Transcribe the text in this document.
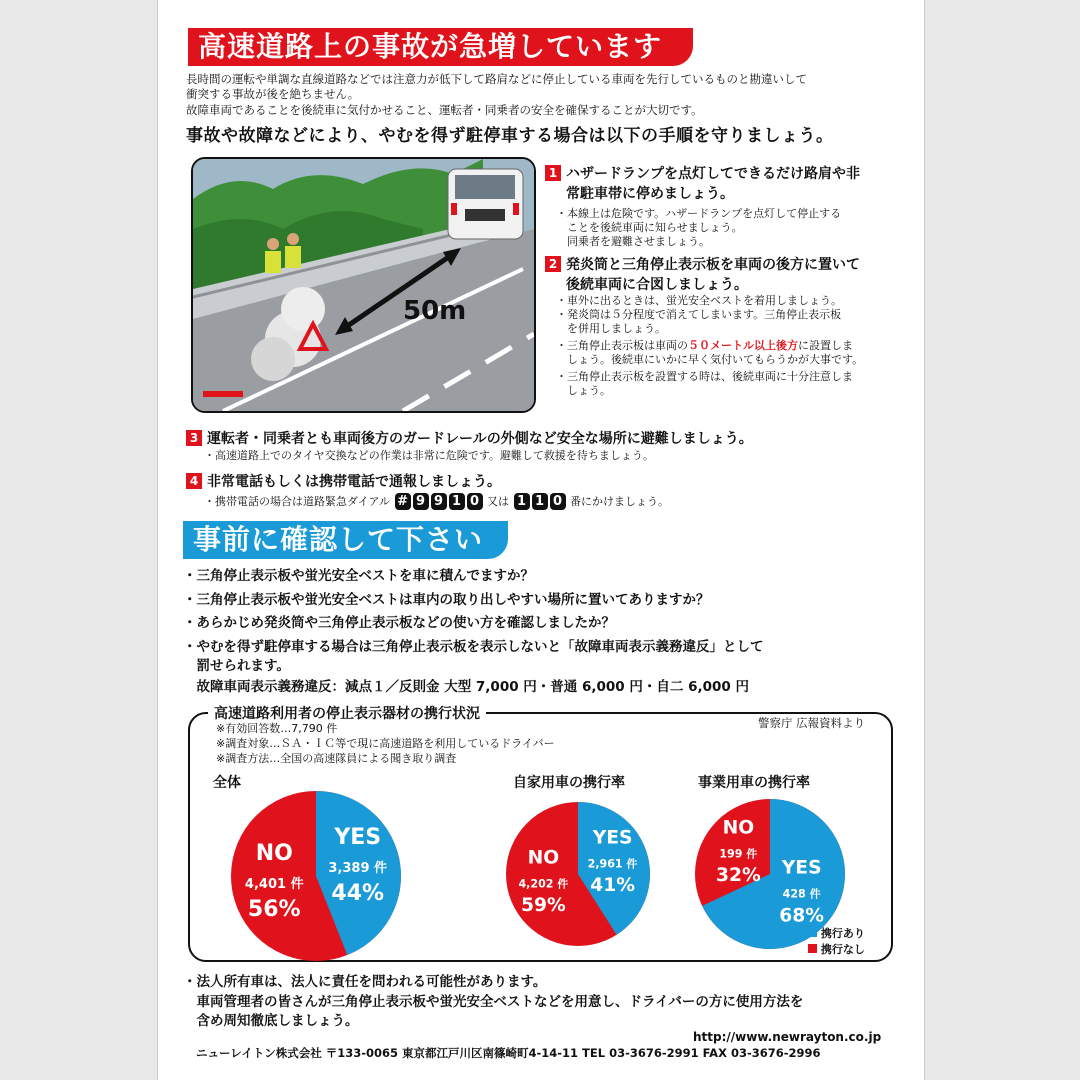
高速道路上の事故が急増しています
長時間の運転や単調な直線道路などでは注意力が低下して路肩などに停止している車両を先行しているものと勘違いして
衝突する事故が後を絶ちません。
故障車両であることを後続車に気付かせること、運転者・同乗者の安全を確保することが大切です。
事故や故障などにより、やむを得ず駐停車する場合は以下の手順を守りましょう。
50m
1 ハザードランプを点灯してできるだけ路肩や非
常駐車帯に停めましょう。
・本線上は危険です。ハザードランプを点灯して停止する
　ことを後続車両に知らせましょう。
　同乗者を避難させましょう。
2 発炎筒と三角停止表示板を車両の後方に置いて
後続車両に合図しましょう。
・車外に出るときは、蛍光安全ベストを着用しましょう。
・発炎筒は５分程度で消えてしまいます。三角停止表示板
　を併用しましょう。
・三角停止表示板は車両の５０メートル以上後方に設置しま
　しょう。後続車にいかに早く気付いてもらうかが大事です。
・三角停止表示板を設置する時は、後続車両に十分注意しま
　しょう。
3 運転者・同乗者とも車両後方のガードレールの外側など安全な場所に避難しましょう。
・高速道路上でのタイヤ交換などの作業は非常に危険です。避難して救援を待ちましょう。
4 非常電話もしくは携帯電話で通報しましょう。
・携帯電話の場合は道路緊急ダイアル # 9 9 1 0 又は 1 1 0 番にかけましょう。
事前に確認して下さい
・三角停止表示板や蛍光安全ベストを車に積んでますか？
・三角停止表示板や蛍光安全ベストは車内の取り出しやすい場所に置いてありますか？
・あらかじめ発炎筒や三角停止表示板などの使い方を確認しましたか？
・やむを得ず駐停車する場合は三角停止表示板を表示しないと「故障車両表示義務違反」として
　罰せられます。
　故障車両表示義務違反：減点１／反則金 大型 7,000 円・普通 6,000 円・自二 6,000 円
高速道路利用者の停止表示器材の携行状況
警察庁 広報資料より
※有効回答数…7,790 件
※調査対象…ＳＡ・ＩＣ等で現に高速道路を利用しているドライバー
※調査方法…全国の高速隊員による聞き取り調査
全体	自家用車の携行率	事業用車の携行率
YES
3,389 件
44%
NO
4,401 件
56%
YES
2,961 件
41%
NO
4,202 件
59%
YES
428 件
68%
NO
199 件
32%
携行あり
携行なし
・法人所有車は、法人に責任を問われる可能性があります。
　車両管理者の皆さんが三角停止表示板や蛍光安全ベストなどを用意し、ドライバーの方に使用方法を
　含め周知徹底しましょう。
http://www.newrayton.co.jp
ニューレイトン株式会社 〒133-0065 東京都江戸川区南篠崎町4-14-11 TEL 03-3676-2991 FAX 03-3676-2996
